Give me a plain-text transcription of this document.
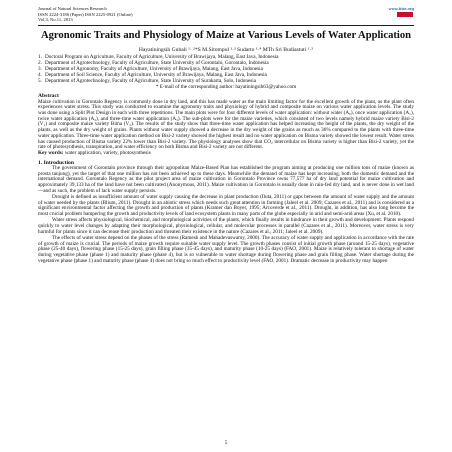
Journal of Natural Sciences Research
ISSN 2224-3186 (Paper) ISSN 2225-0921 (Online)
Vol.3, No.11, 2013
www.iiste.org
Agronomic Traits and Physiology of Maize at Various Levels of Water Application
Hayatiningsih Gubali ¹· ²*S M.Sitompul ¹·³ Sudarto ¹·⁴ MTh Sri Budiastuti ¹·⁵
1. Doctoral Program on Agriculture, Faculty of Agriculture, University of Brawijaya, Malang, East Java, Indonesia
2. Department of Agrotechnology, Faculty of Agriculture, State University of Gorontalo, Gorontalo, Indonesia
3. Department of Agronomy, Faculty of Agriculture, University of Brawijaya, Malang, East Java, Indonesia
4. Department of Soil Science, Faculty of Agriculture, University of Brawijaya, Malang, East Java, Indonesia
5. Department of Agrotechnology, Faculty of Agriculture, State University of Surakarta, Solo, Indonesia
* E-mail of the corresponding author: hayatiningsih63@yahoo.com
Abstract

Maize cultivation in Gorontalo Regency is commonly done in dry land, and this has made water as the main limiting factor for the excellent growth of the plant, as the plant often experiences water stress. This study was conducted to examine the agronomy traits and physiology of hybrid and composite maize on various water application levels. The study was done using a Split Plot Design in each with three repetitions. The main plots were for four different levels of water application: without water (A₀), once water application (A₁), twice water application (A₂), and three-time water application (A₃). The sub-plots were for the maize varieties, which consisted of two levels namely hybrid maize variety Bisi-2 (V₁) and composite maize variety Bima (V₂). The results of the study show that three-time water application has helped increasing the height of the plants, the dry weight of the plants, as well as the dry weight of grains. Plants without water supply showed a decrease in the dry weight of the grains as much as 36% compared to the plants with three-time water application. Three-time water application method on Bisi-2 variety showed the highest result and no water application on Bisma variety showed the lowest result. Water stress has caused production of Bisma variety 22% lower than Bisi-2 variety. The physiology analyses show that CO₂ intercellular on Bisma variety is higher than Bisi-2 variety, yet the rate of photosynthesis, transpiration, and water efficiency on both Bisma and Bisi-2 variety are not different.

Key words: water application, variety, photosynthesis
1. Introduction

The government of Gorontalo province through their agropolitan Maize-Based Plan has established the program aiming at producing one million tons of maize (known as prosta tanjung), yet the target of that one million has not been achieved up to these days. Meanwhile the demand of maize has kept increasing, both the domestic demand and the international demand. Gorontalo Regency as the pilot project area of maize cultivation in Gorontalo Province owns 77,577 ha of dry land potential for maize cultivation and approximately 39,133 ha of the land have not been cultivated (Anonymous, 2011). Maize cultivation in Gorontalo is usually done in rain-fed dry land, and is never done in wet land—and as such, the problem of lack water supply persists.

Drought is defined as insufficient amount of water supply causing the decrease in plant production (Iluta, 2011) or gaps between the amount of water supply and the amount of water needed by the plants (Blium, 2011). Drought in an abiotic stress which needs such great attention in farming (Jaleel et al. 2009; Cazares et al., 2011) and is considered as a significant environmental factor affecting the growth and production of plants (Kramer dan Boyer, 1995; Arcoverde et al., 2011). Drought, in addition, has also long become the most crucial problem hampering the growth and productivity levels of land ecosystem plants in many parts of the globe especially in arid and semi-arid areas (Xu, et al. 2010).

Water stress affects physiological, biochemical, and morphological activities of the plants, which finally results in hindrance in their growth and development. Plants respond quickly to water level changes by adapting their morphological, physiological, cellular, and molecular processes in parallel (Cazares et al., 2011). Moreover, water stress is very harmful for plants since it can decrease their production and threaten their existence in the nature (Cazares et al., 2011; Jaleel et al. 2009).

The effects of water stress depend on the phases of the stress (Ramesh and Mahadevaswamy, 2000). The accuracy of water supply and application in accordance with the rate of growth of maize is crucial. The periods of maize growth require suitable water supply level. The growth phases consist of initial growth phase (around 15-25 days), vegetative phase (25-40 days), flowering phase (15-25 days), grain filling phase (35-45 days), and maturity phase (10-25 days) (FAO, 2001). Maize is relatively tolerant to shortage of water during vegetative phase (phase 1) and maturity phase (phase 4), but is so vulnerable to water shortage during flowering phase and grain filling phase. Water shortage during the vegetative phase (phase 1) and maturity phase (phase 4) does not bring so much effect to productivity level (FAO, 2001). Dramatic decrease in productivity may happen

5
